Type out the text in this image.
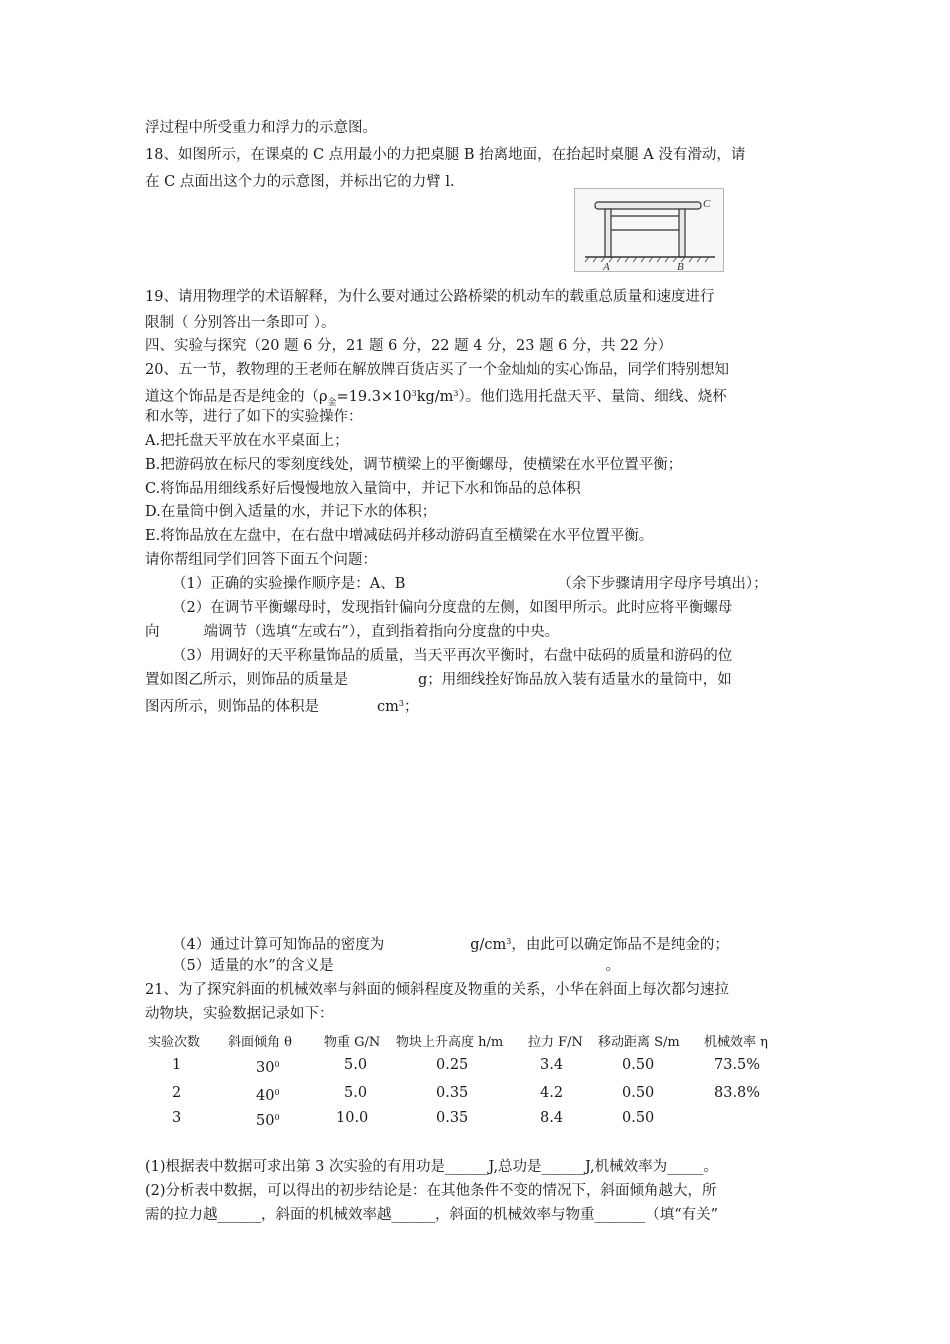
浮过程中所受重力和浮力的示意图。
18、如图所示，在课桌的 C 点用最小的力把桌腿 B 抬离地面，在抬起时桌腿 A 没有滑动，请
在 C 点面出这个力的示意图，并标出它的力臂 l.
C
A	B
19、请用物理学的术语解释，为什么要对通过公路桥梁的机动车的载重总质量和速度进行
限制（ 分别答出一条即可 ）。
四、实验与探究（20 题 6 分，21 题 6 分，22 题 4 分，23 题 6 分，共 22 分）
20、五一节，教物理的王老师在解放牌百货店买了一个金灿灿的实心饰品，同学们特别想知
道这个饰品是否是纯金的$(\rho_金=19.3\times 10^3kg/m^3)$。他们选用托盘天平、量筒、细线、烧杯
和水等，进行了如下的实验操作：
A.把托盘天平放在水平桌面上；
B.把游码放在标尺的零刻度线处，调节横梁上的平衡螺母，使横梁在水平位置平衡；
C.将饰品用细线系好后慢慢地放入量筒中，并记下水和饰品的总体积
D.在量筒中倒入适量的水，并记下水的体积；
E.将饰品放在左盘中，在右盘中增减砝码并移动游码直至横梁在水平位置平衡。
请你帮组同学们回答下面五个问题：
（1）正确的实验操作顺序是：A、B	（余下步骤请用字母序号填出）；
（2）在调节平衡螺母时，发现指针偏向分度盘的左侧，如图甲所示。此时应将平衡螺母
向	端调节（选填“左或右”），直到指着指向分度盘的中央。
（3）用调好的天平称量饰品的质量，当天平再次平衡时，右盘中砝码的质量和游码的位
置如图乙所示，则饰品的质量是	g；用细线拴好饰品放入装有适量水的量筒中，如
图丙所示，则饰品的体积是	$cm^3$；
（4）通过计算可知饰品的密度为	$g/cm^3$，由此可以确定饰品不是纯金的；
（5）适量的水”的含义是	。
21、为了探究斜面的机械效率与斜面的倾斜程度及物重的关系，小华在斜面上每次都匀速拉
动物块，实验数据记录如下：
实验次数 斜面倾角 θ 物重 G/N 物块上升高度 h/m 拉力 F/N 移动距离 S/m 机械效率 η
1	$30^0$	5.0	0.25	3.4	0.50	73.5%
2	$40^0$	5.0	0.35	4.2	0.50	83.8%
3	$50^0$	10.0	0.35	8.4	0.50
(1)根据表中数据可求出第 3 次实验的有用功是______J,总功是______J,机械效率为_____。
(2)分析表中数据，可以得出的初步结论是：在其他条件不变的情况下，斜面倾角越大，所
需的拉力越______，斜面的机械效率越______，斜面的机械效率与物重_______（填“有关”
